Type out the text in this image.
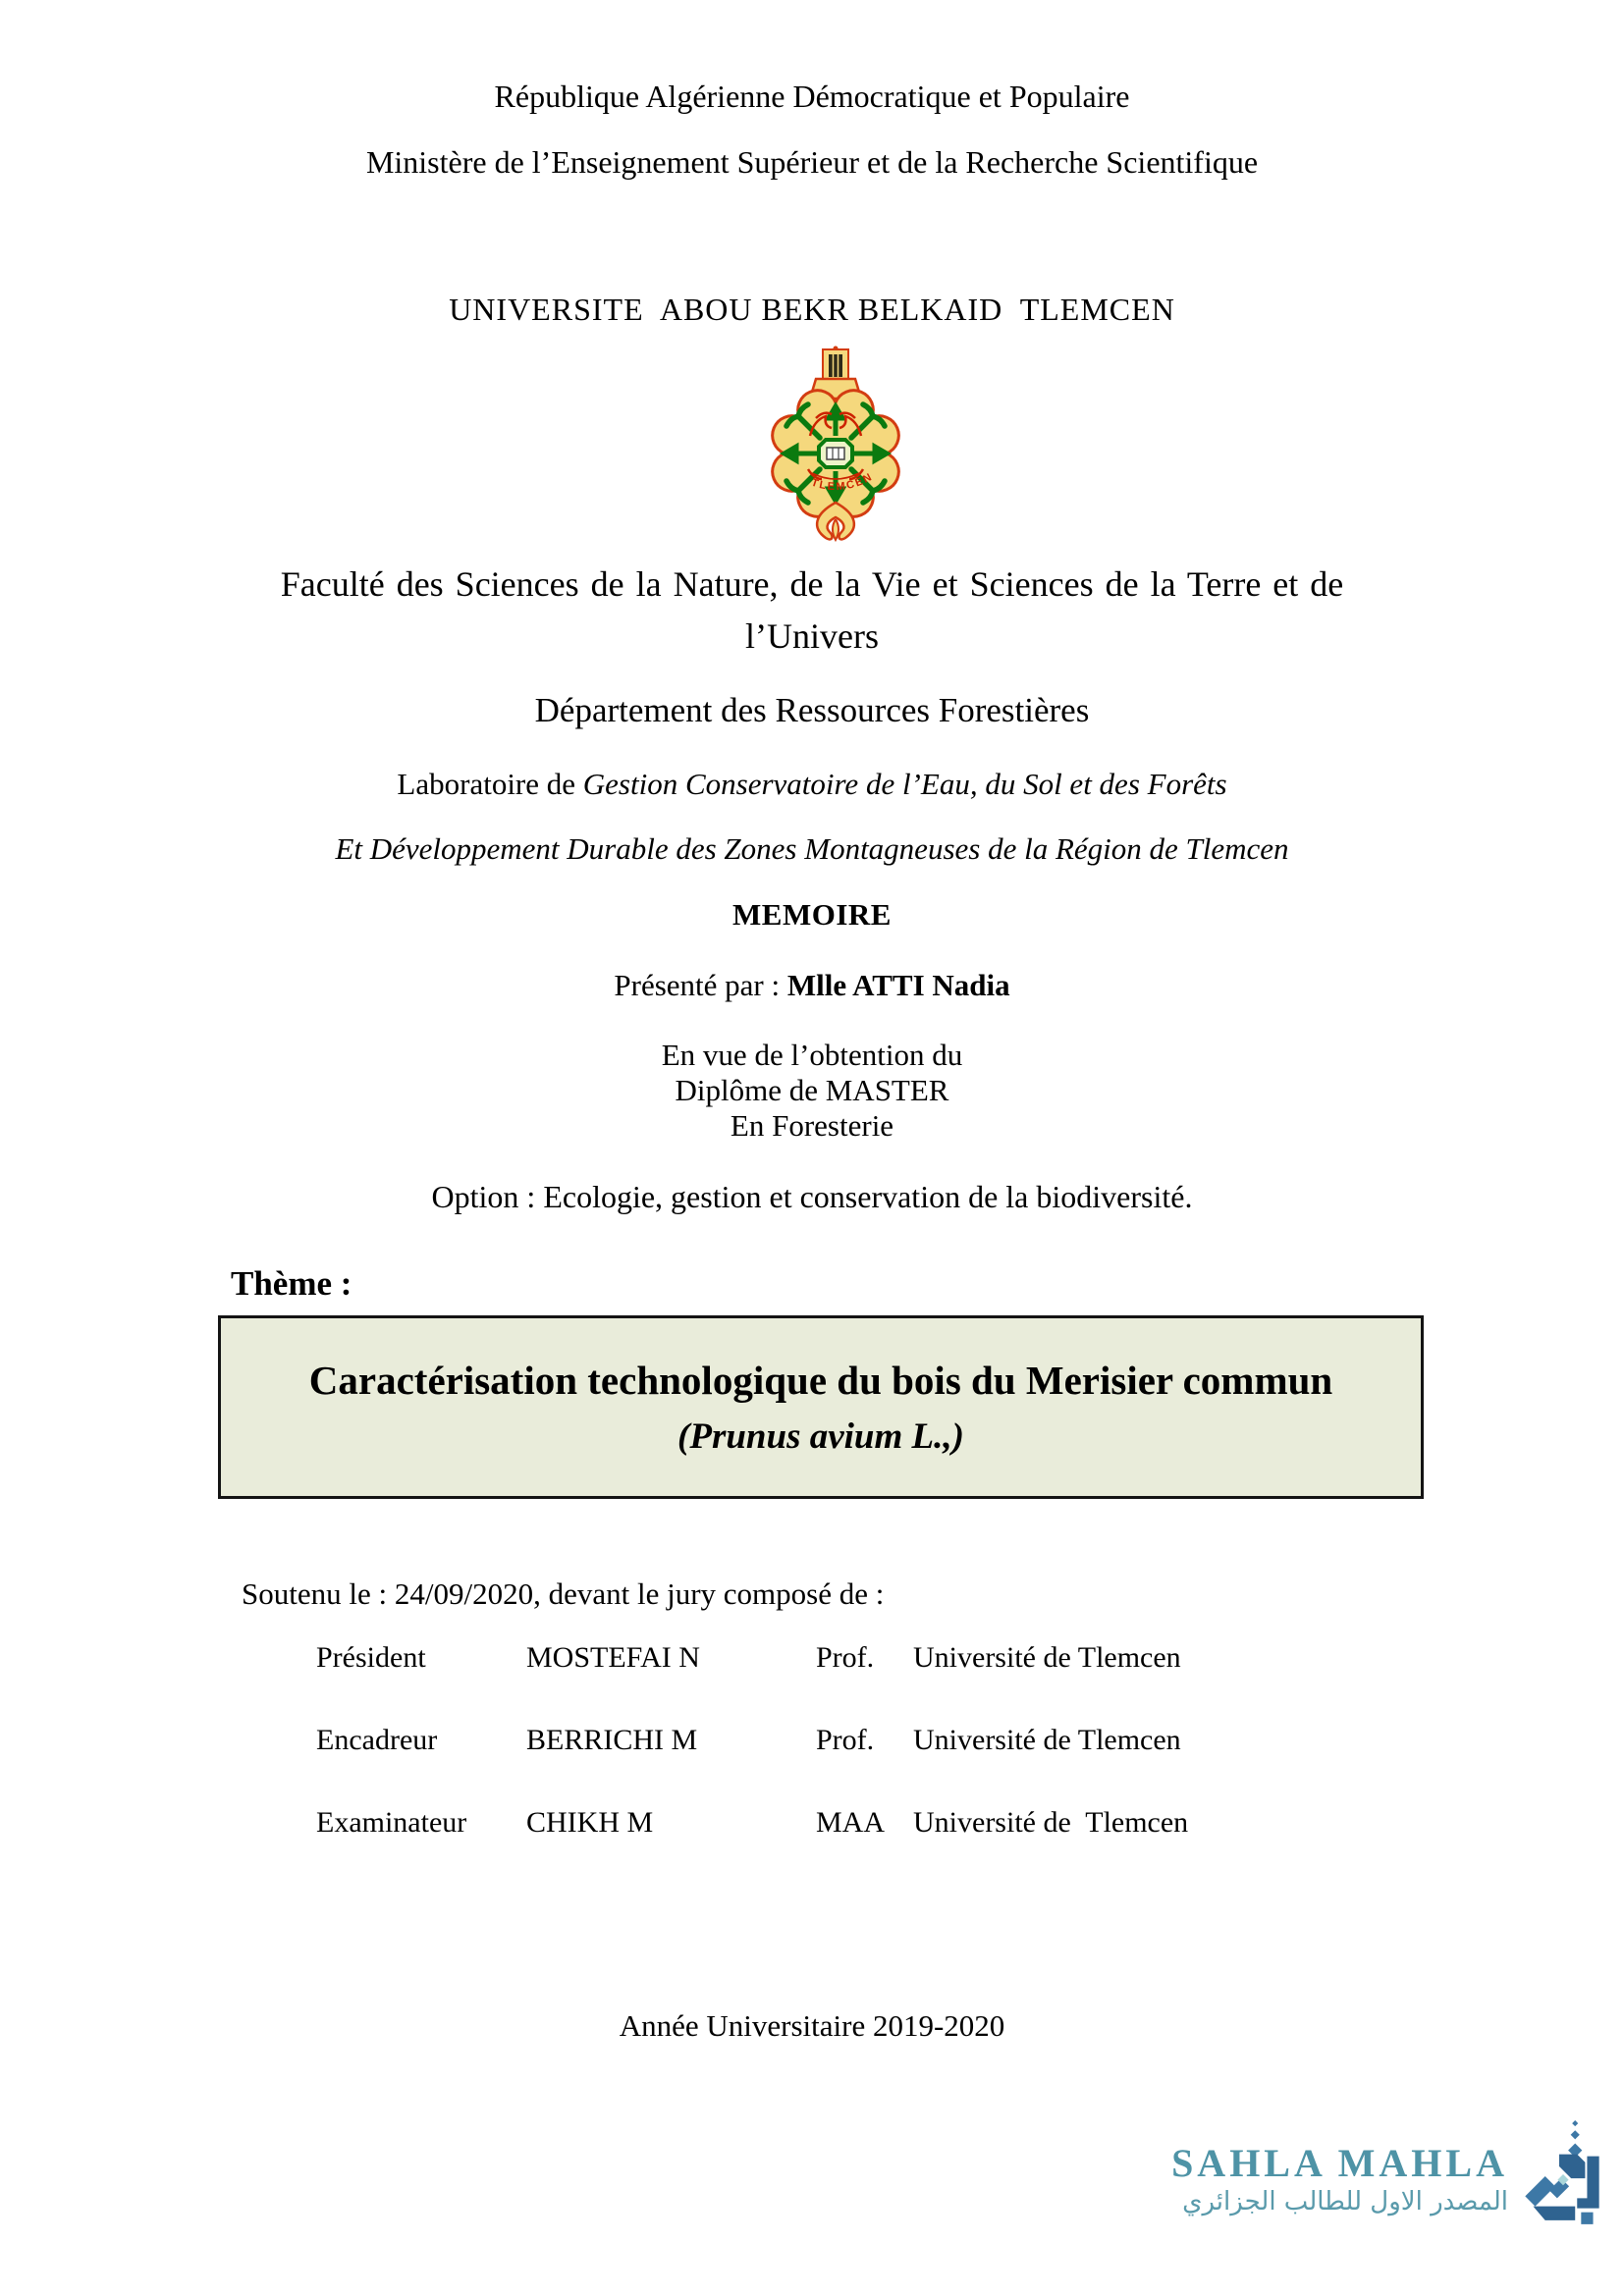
République Algérienne Démocratique et Populaire
Ministère de l’Enseignement Supérieur et de la Recherche Scientifique
UNIVERSITE  ABOU BEKR BELKAID  TLEMCEN
TLEMCEN
Faculté des Sciences de la Nature, de la Vie et Sciences de la Terre et de
l’Univers
Département des Ressources Forestières
Laboratoire de Gestion Conservatoire de l’Eau, du Sol et des Forêts
Et Développement Durable des Zones Montagneuses de la Région de Tlemcen
MEMOIRE
Présenté par : Mlle ATTI Nadia
En vue de l’obtention du
Diplôme de MASTER
En Foresterie
Option : Ecologie, gestion et conservation de la biodiversité.
Thème :
Caractérisation technologique du bois du Merisier commun
(Prunus avium L.,)
Soutenu le : 24/09/2020, devant le jury composé de :
Président	MOSTEFAI N	Prof.	Université de Tlemcen
Encadreur	BERRICHI M	Prof.	Université de Tlemcen
Examinateur	CHIKH M	MAA Université de  Tlemcen
Année Universitaire 2019-2020
SAHLA MAHLA
المصدر الاول للطالب الجزائري
